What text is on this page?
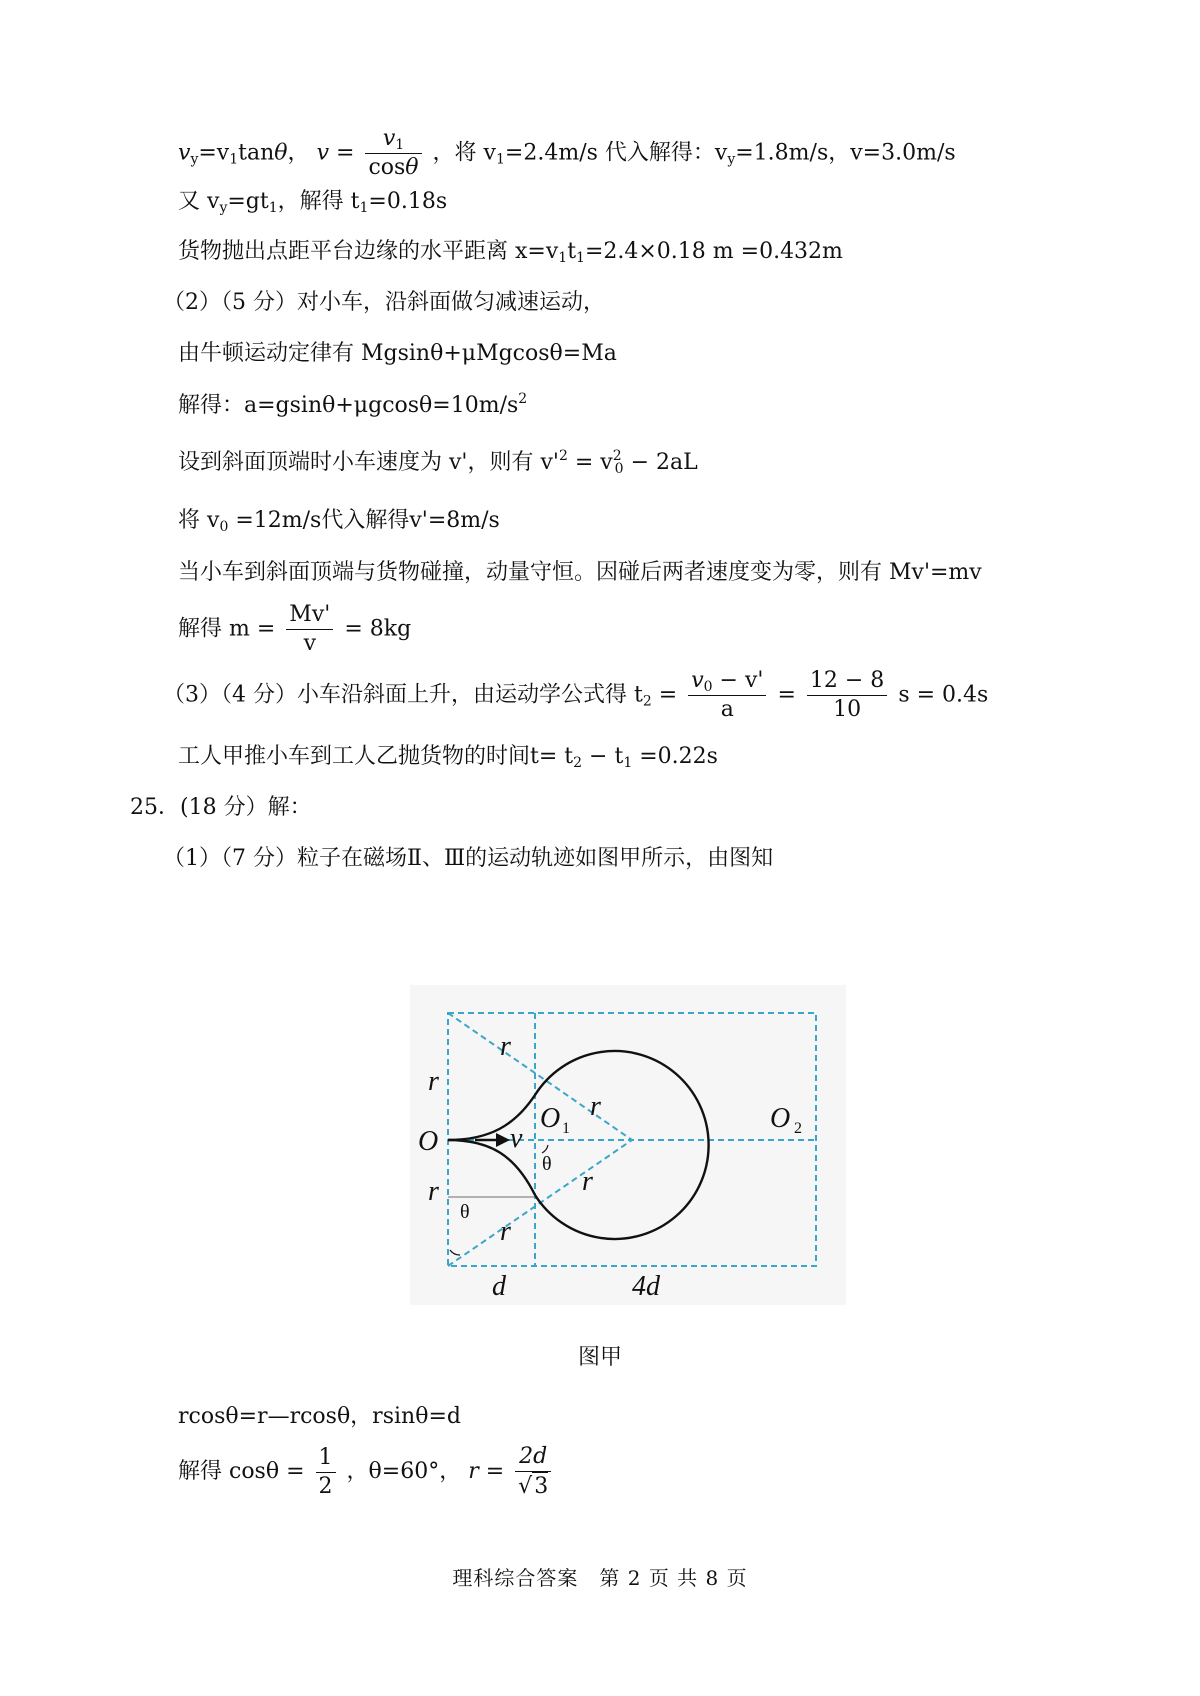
$v_y=v_1\tan\theta$， $v = \frac{v_1}{\cos\theta}$ ，将 $v_1=2.4m/s$ 代入解得：$v_y=1.8m/s$，v=3.0m/s
又 $v_y=gt_1$，解得 $t_1=0.18s$
货物抛出点距平台边缘的水平距离 $x=v_1t_1=2.4\times 0.18$ m =0.432m
（2）（5 分）对小车，沿斜面做匀减速运动，
由牛顿运动定律有 Mgsinθ+μMgcosθ=Ma
解得：$a=gsin\theta+\mu gcos\theta=10m/s^2$
设到斜面顶端时小车速度为 v'，则有 $v'^2 = v^2_0 - 2aL$
将 $v_0 =12m/s$代入解得v'=8m/s
当小车到斜面顶端与货物碰撞，动量守恒。因碰后两者速度变为零，则有 Mv'=mv
解得 $m = \frac{Mv'}{v} = 8kg$
（3）（4 分）小车沿斜面上升，由运动学公式得 $t_2 = \frac{v_0 - v'}{a} = \frac{12 - 8}{10}$ s = 0.4s
工人甲推小车到工人乙抛货物的时间$t= t_2 - t_1 =0.22s$
25．(18 分）解：
（1）（7 分）粒子在磁场Ⅱ、Ⅲ的运动轨迹如图甲所示，由图知
r
r
r
r
r
r
O	v
O	O
d	4d
1	2
θ
θ
图甲
rcosθ=r—rcosθ，rsinθ=d
解得 $\cos\theta = \frac{1}{2}$ ，θ=60°， $r = \frac{2d}{√3}$
理科综合答案　第 2 页 共 8 页
